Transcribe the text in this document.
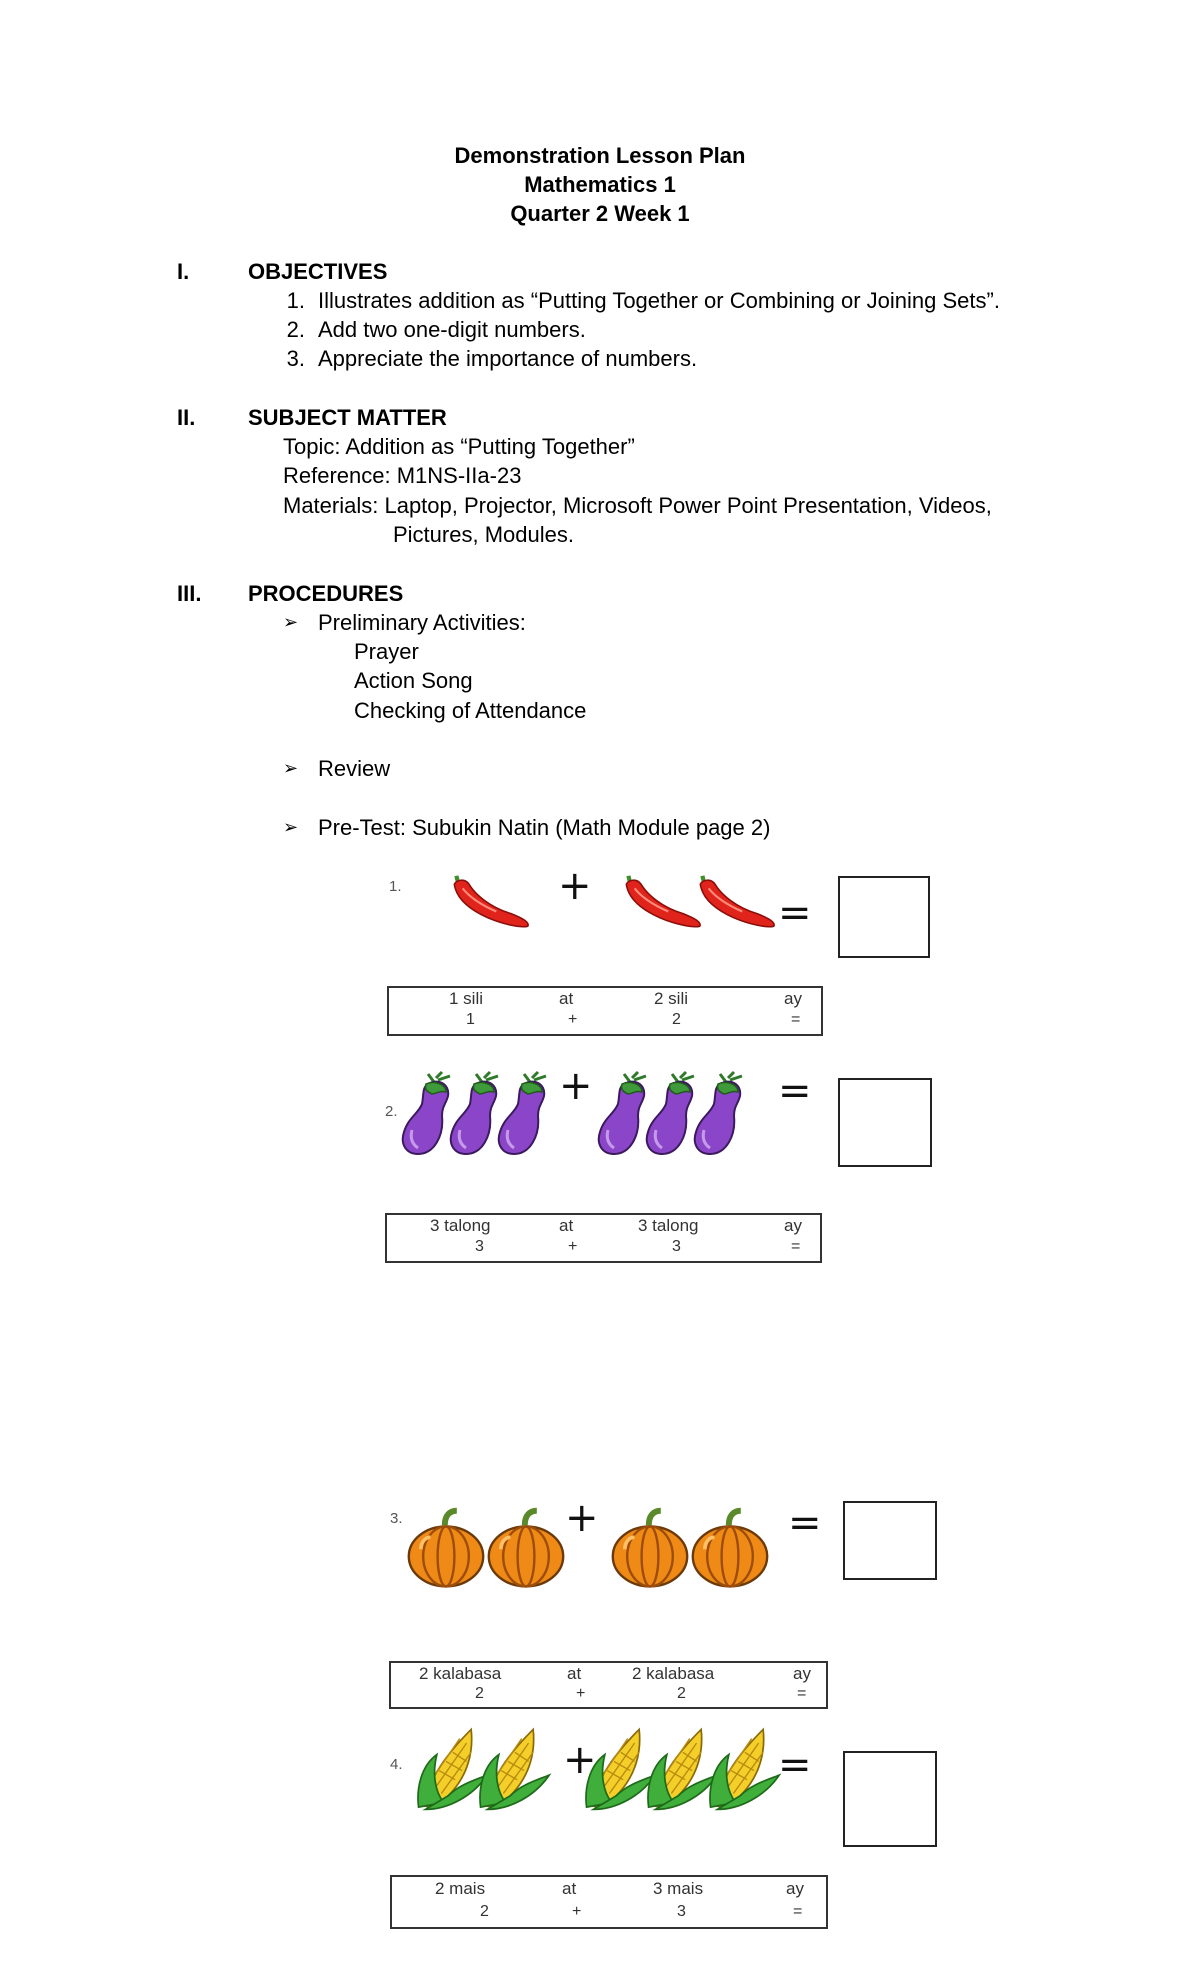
Demonstration Lesson Plan
Mathematics 1
Quarter 2 Week 1
I.	OBJECTIVES
1. Illustrates addition as “Putting Together or Combining or Joining Sets”.
2. Add two one-digit numbers.
3. Appreciate the importance of numbers.
II. SUBJECT MATTER
Topic: Addition as “Putting Together”
Reference: M1NS-IIa-23
Materials: Laptop, Projector, Microsoft Power Point Presentation, Videos,
Pictures, Modules.
III. PROCEDURES
➢ Preliminary Activities:
Prayer
Action Song
Checking of Attendance
➢ Review
➢ Pre-Test: Subukin Natin (Math Module page 2)
1.	+
=
1 sili	at	2 sili	ay
1	+	2	=
2.
+	=
3 talong	at	3 talong	ay
3	+	3	=
3.	+	=
2 kalabasa	at	2 kalabasa	ay
2	+	2	=
4.	+	=
2 mais	at	3 mais	ay
2	+	3	=
